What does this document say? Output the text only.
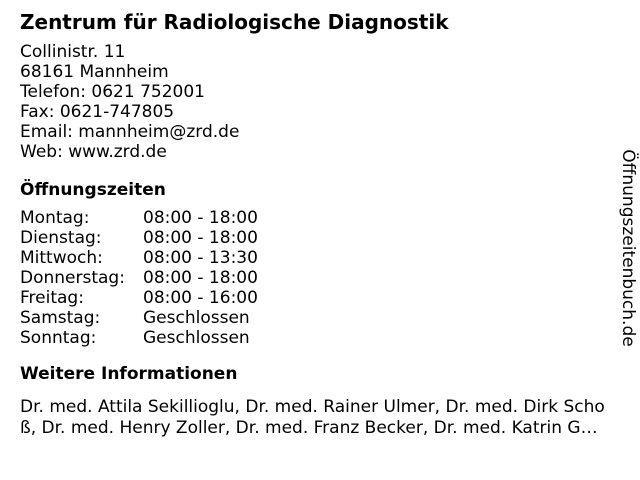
Zentrum für Radiologische Diagnostik
Collinistr. 11
68161 Mannheim
Telefon: 0621 752001
Fax: 0621-747805
Email: mannheim@zrd.de
Web: www.zrd.de
Öffnungszeiten
Montag:	08:00 - 18:00
Dienstag:	08:00 - 18:00
Mittwoch:	08:00 - 13:30
Donnerstag:	08:00 - 18:00
Freitag:	08:00 - 16:00
Samstag:	Geschlossen
Sonntag:	Geschlossen
Weitere Informationen
Dr. med. Attila Sekillioglu, Dr. med. Rainer Ulmer, Dr. med. Dirk Schoß, Dr. med. Henry Zoller, Dr. med. Franz Becker, Dr. med. Katrin G…
Öffnungszeitenbuch.de
